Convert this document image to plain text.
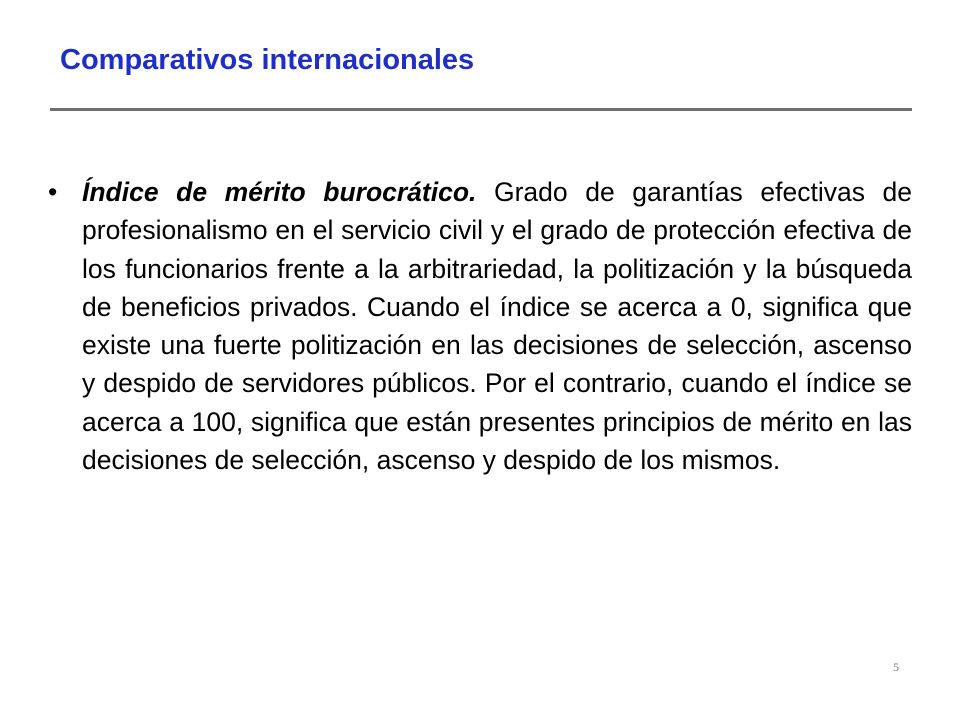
Comparativos internacionales
• Índice de mérito burocrático. Grado de garantías efectivas de profesionalismo en el servicio civil y el grado de protección efectiva de los funcionarios frente a la arbitrariedad, la politización y la búsqueda de beneficios privados. Cuando el índice se acerca a 0, significa que existe una fuerte politización en las decisiones de selección, ascenso y despido de servidores públicos. Por el contrario, cuando el índice se acerca a 100, significa que están presentes principios de mérito en las decisiones de selección, ascenso y despido de los mismos.
5
